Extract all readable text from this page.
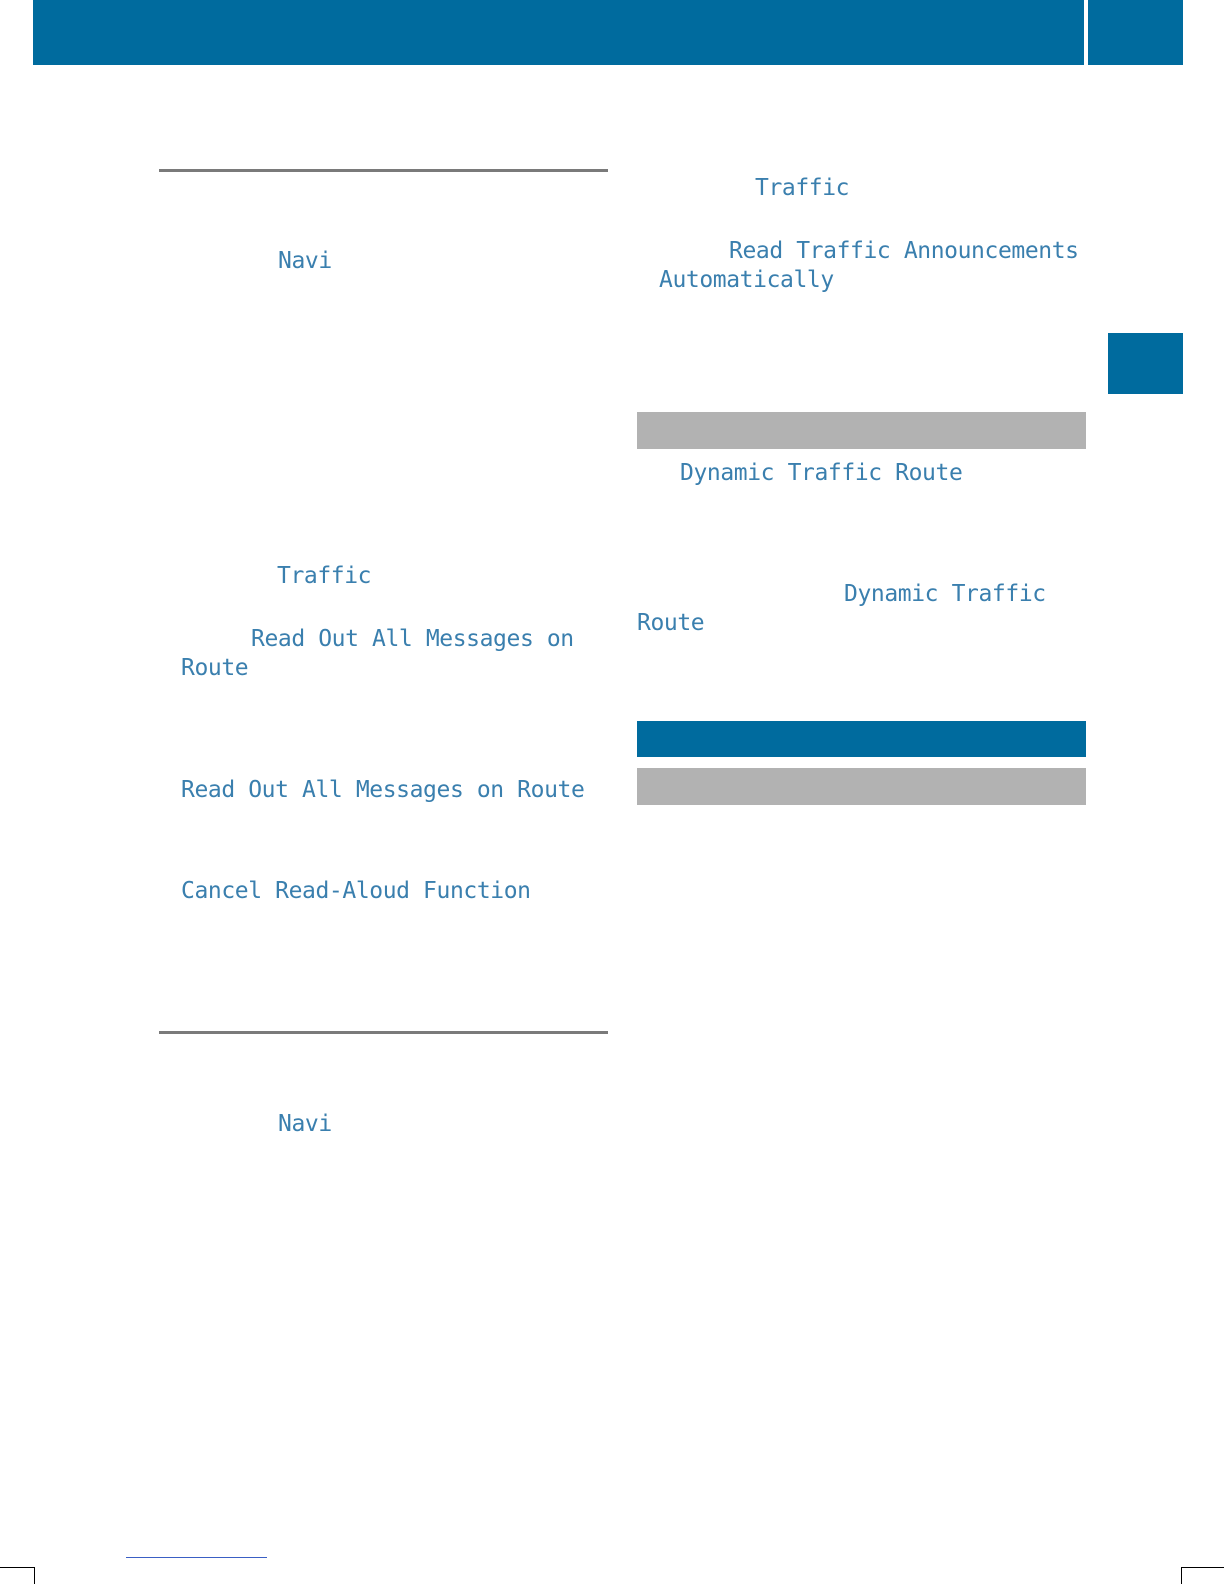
Navi
Traffic
Read Out All Messages on
Route
Read Out All Messages on Route
Cancel Read-Aloud Function
Navi
Traffic
Read Traffic Announcements
Automatically
Dynamic Traffic Route
Dynamic Traffic
Route
